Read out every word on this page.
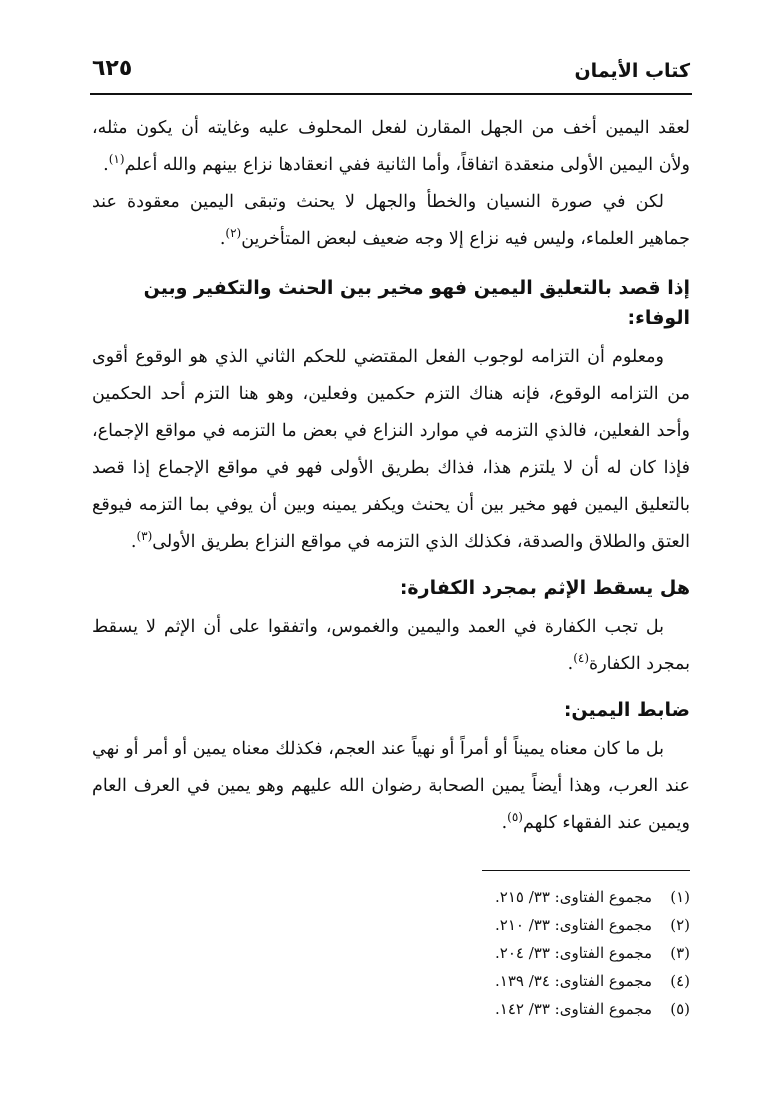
كتاب الأيمان
٦٢٥

لعقد اليمين أخف من الجهل المقارن لفعل المحلوف عليه وغايته أن يكون مثله، ولأن اليمين الأولى منعقدة اتفاقاً، وأما الثانية ففي انعقادها نزاع بينهم والله أعلم$^{(١)}$.

لكن في صورة النسيان والخطأ والجهل لا يحنث وتبقى اليمين معقودة عند جماهير العلماء، وليس فيه نزاع إلا وجه ضعيف لبعض المتأخرين$^{(٢)}$.

إذا قصد بالتعليق اليمين فهو مخير بين الحنث والتكفير وبين الوفاء:

ومعلوم أن التزامه لوجوب الفعل المقتضي للحكم الثاني الذي هو الوقوع أقوى من التزامه الوقوع، فإنه هناك التزم حكمين وفعلين، وهو هنا التزم أحد الحكمين وأحد الفعلين، فالذي التزمه في موارد النزاع في بعض ما التزمه في مواقع الإجماع، فإذا كان له أن لا يلتزم هذا، فذاك بطريق الأولى فهو في مواقع الإجماع إذا قصد بالتعليق اليمين فهو مخير بين أن يحنث ويكفر يمينه وبين أن يوفي بما التزمه فيوقع العتق والطلاق والصدقة، فكذلك الذي التزمه في مواقع النزاع بطريق الأولى$^{(٣)}$.

هل يسقط الإثم بمجرد الكفارة:

بل تجب الكفارة في العمد واليمين والغموس، واتفقوا على أن الإثم لا يسقط بمجرد الكفارة$^{(٤)}$.

ضابط اليمين:

بل ما كان معناه يميناً أو أمراً أو نهياً عند العجم، فكذلك معناه يمين أو أمر أو نهي عند العرب، وهذا أيضاً يمين الصحابة رضوان الله عليهم وهو يمين في العرف العام ويمين عند الفقهاء كلهم$^{(٥)}$.

(١)مجموع الفتاوى: ٣٣/ ٢١٥.
(٢)مجموع الفتاوى: ٣٣/ ٢١٠.
(٣)مجموع الفتاوى: ٣٣/ ٢٠٤.
(٤)مجموع الفتاوى: ٣٤/ ١٣٩.
(٥)مجموع الفتاوى: ٣٣/ ١٤٢.
